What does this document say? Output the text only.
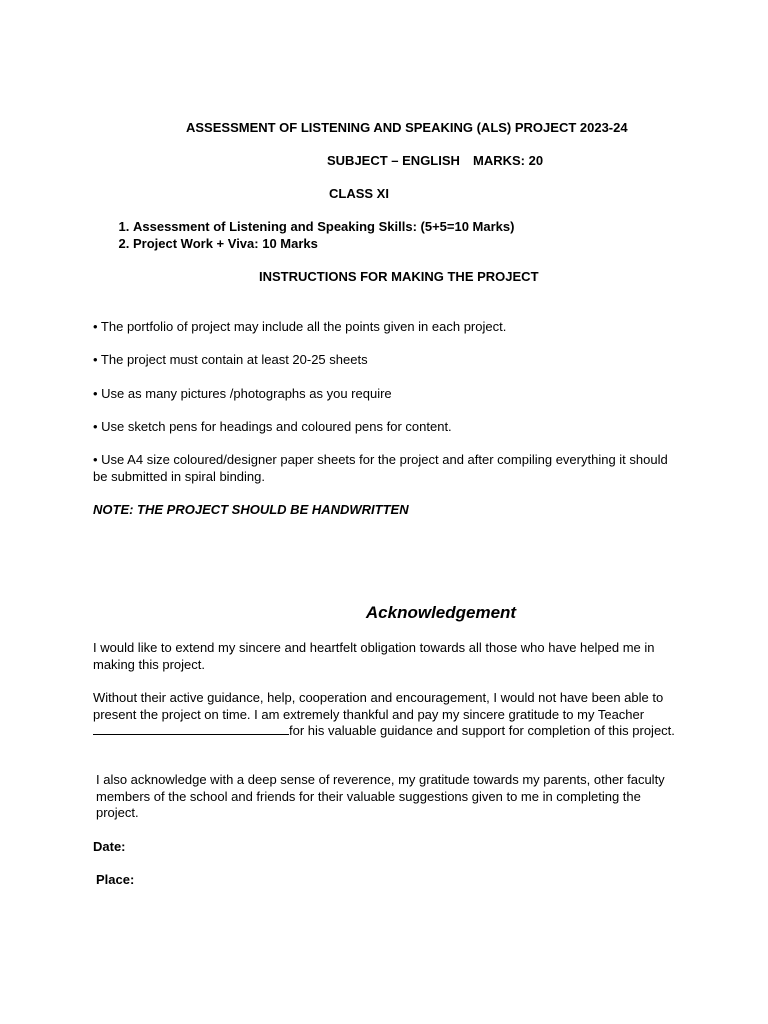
ASSESSMENT OF LISTENING AND SPEAKING (ALS) PROJECT 2023-24
SUBJECT – ENGLISH MARKS: 20
CLASS XI
1. Assessment of Listening and Speaking Skills: (5+5=10 Marks)
2. Project Work + Viva: 10 Marks
INSTRUCTIONS FOR MAKING THE PROJECT
• The portfolio of project may include all the points given in each project.
• The project must contain at least 20-25 sheets
• Use as many pictures /photographs as you require
• Use sketch pens for headings and coloured pens for content.
• Use A4 size coloured/designer paper sheets for the project and after compiling everything it should be submitted in spiral binding.
NOTE: THE PROJECT SHOULD BE HANDWRITTEN
Acknowledgement
I would like to extend my sincere and heartfelt obligation towards all those who have helped me in making this project.
Without their active guidance, help, cooperation and encouragement, I would not have been able to present the project on time. I am extremely thankful and pay my sincere gratitude to my Teacher for his valuable guidance and support for completion of this project.
I also acknowledge with a deep sense of reverence, my gratitude towards my parents, other faculty members of the school and friends for their valuable suggestions given to me in completing the project.
Date:
Place:
